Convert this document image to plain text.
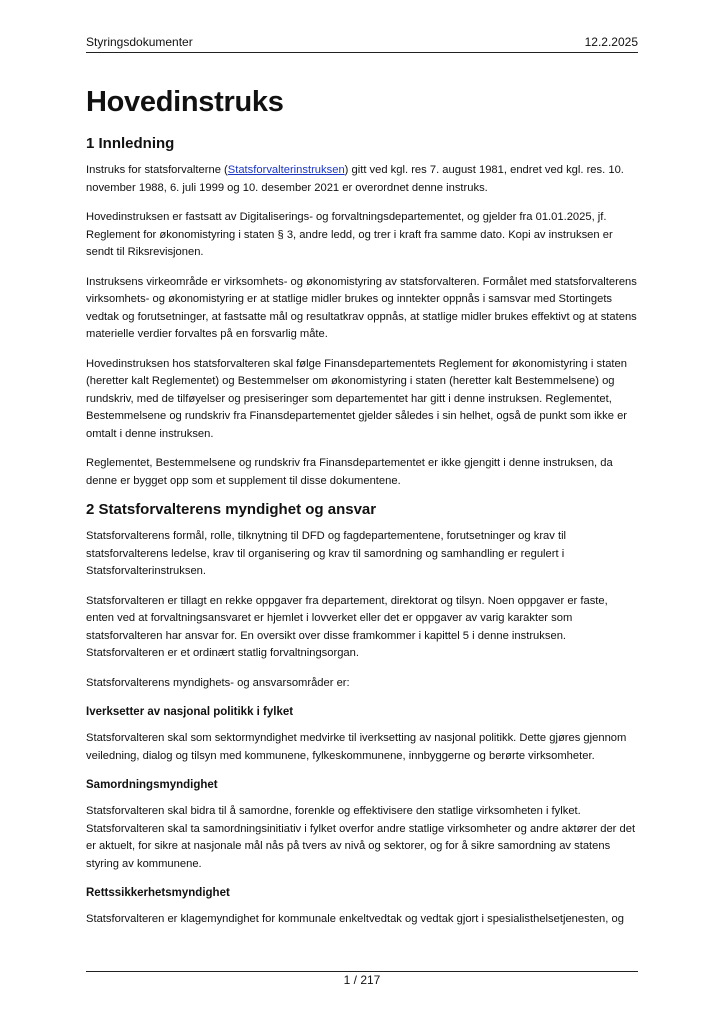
Styringsdokumenter	12.2.2025
Hovedinstruks
1 Innledning

Instruks for statsforvalterne (Statsforvalterinstruksen) gitt ved kgl. res 7. august 1981, endret ved kgl. res. 10. november 1988, 6. juli 1999 og 10. desember 2021 er overordnet denne instruks.

Hovedinstruksen er fastsatt av Digitaliserings- og forvaltningsdepartementet, og gjelder fra 01.01.2025, jf. Reglement for økonomistyring i staten § 3, andre ledd, og trer i kraft fra samme dato. Kopi av instruksen er sendt til Riksrevisjonen.

Instruksens virkeområde er virksomhets- og økonomistyring av statsforvalteren. Formålet med statsforvalterens virksomhets- og økonomistyring er at statlige midler brukes og inntekter oppnås i samsvar med Stortingets vedtak og forutsetninger, at fastsatte mål og resultatkrav oppnås, at statlige midler brukes effektivt og at statens materielle verdier forvaltes på en forsvarlig måte.

Hovedinstruksen hos statsforvalteren skal følge Finansdepartementets Reglement for økonomistyring i staten (heretter kalt Reglementet) og Bestemmelser om økonomistyring i staten (heretter kalt Bestemmelsene) og rundskriv, med de tilføyelser og presiseringer som departementet har gitt i denne instruksen. Reglementet, Bestemmelsene og rundskriv fra Finansdepartementet gjelder således i sin helhet, også de punkt som ikke er omtalt i denne instruksen.

Reglementet, Bestemmelsene og rundskriv fra Finansdepartementet er ikke gjengitt i denne instruksen, da denne er bygget opp som et supplement til disse dokumentene.

2 Statsforvalterens myndighet og ansvar

Statsforvalterens formål, rolle, tilknytning til DFD og fagdepartementene, forutsetninger og krav til statsforvalterens ledelse, krav til organisering og krav til samordning og samhandling er regulert i Statsforvalterinstruksen.

Statsforvalteren er tillagt en rekke oppgaver fra departement, direktorat og tilsyn. Noen oppgaver er faste, enten ved at forvaltningsansvaret er hjemlet i lovverket eller det er oppgaver av varig karakter som statsforvalteren har ansvar for. En oversikt over disse framkommer i kapittel 5 i denne instruksen. Statsforvalteren er et ordinært statlig forvaltningsorgan.

Statsforvalterens myndighets- og ansvarsområder er:

Iverksetter av nasjonal politikk i fylket

Statsforvalteren skal som sektormyndighet medvirke til iverksetting av nasjonal politikk. Dette gjøres gjennom veiledning, dialog og tilsyn med kommunene, fylkeskommunene, innbyggerne og berørte virksomheter.

Samordningsmyndighet

Statsforvalteren skal bidra til å samordne, forenkle og effektivisere den statlige virksomheten i fylket. Statsforvalteren skal ta samordningsinitiativ i fylket overfor andre statlige virksomheter og andre aktører der det er aktuelt, for sikre at nasjonale mål nås på tvers av nivå og sektorer, og for å sikre samordning av statens styring av kommunene.

Rettssikkerhetsmyndighet

Statsforvalteren er klagemyndighet for kommunale enkeltvedtak og vedtak gjort i spesialisthelsetjenesten, og

1 / 217
